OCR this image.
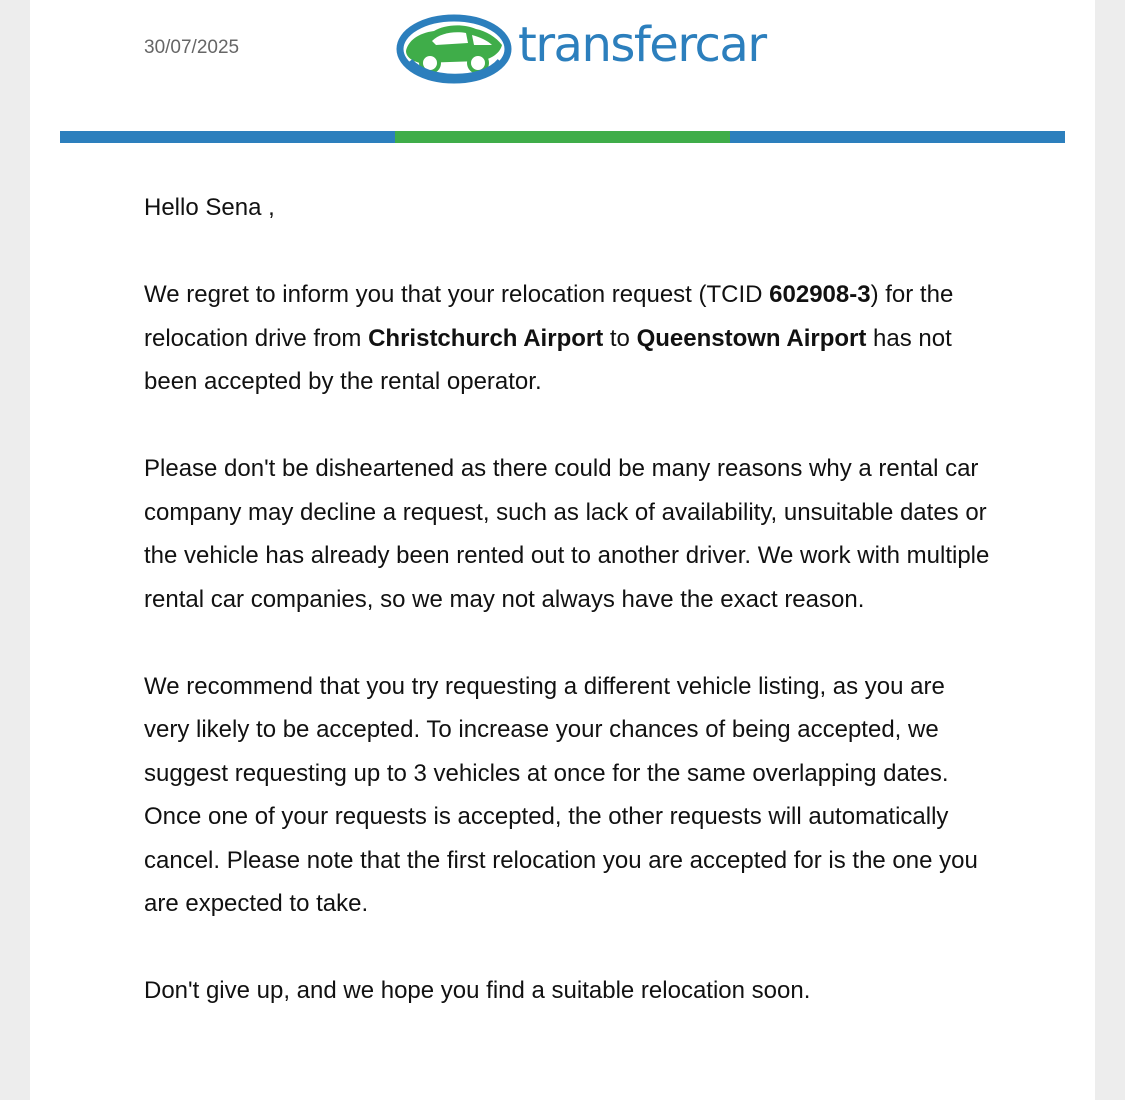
30/07/2025	transfercar

Hello Sena ,

We regret to inform you that your relocation request (TCID 602908-3) for the relocation drive from Christchurch Airport to Queenstown Airport has not been accepted by the rental operator.

Please don't be disheartened as there could be many reasons why a rental car company may decline a request, such as lack of availability, unsuitable dates or the vehicle has already been rented out to another driver. We work with multiple rental car companies, so we may not always have the exact reason.

We recommend that you try requesting a different vehicle listing, as you are very likely to be accepted. To increase your chances of being accepted, we suggest requesting up to 3 vehicles at once for the same overlapping dates. Once one of your requests is accepted, the other requests will automatically cancel. Please note that the first relocation you are accepted for is the one you are expected to take.

Don't give up, and we hope you find a suitable relocation soon.
